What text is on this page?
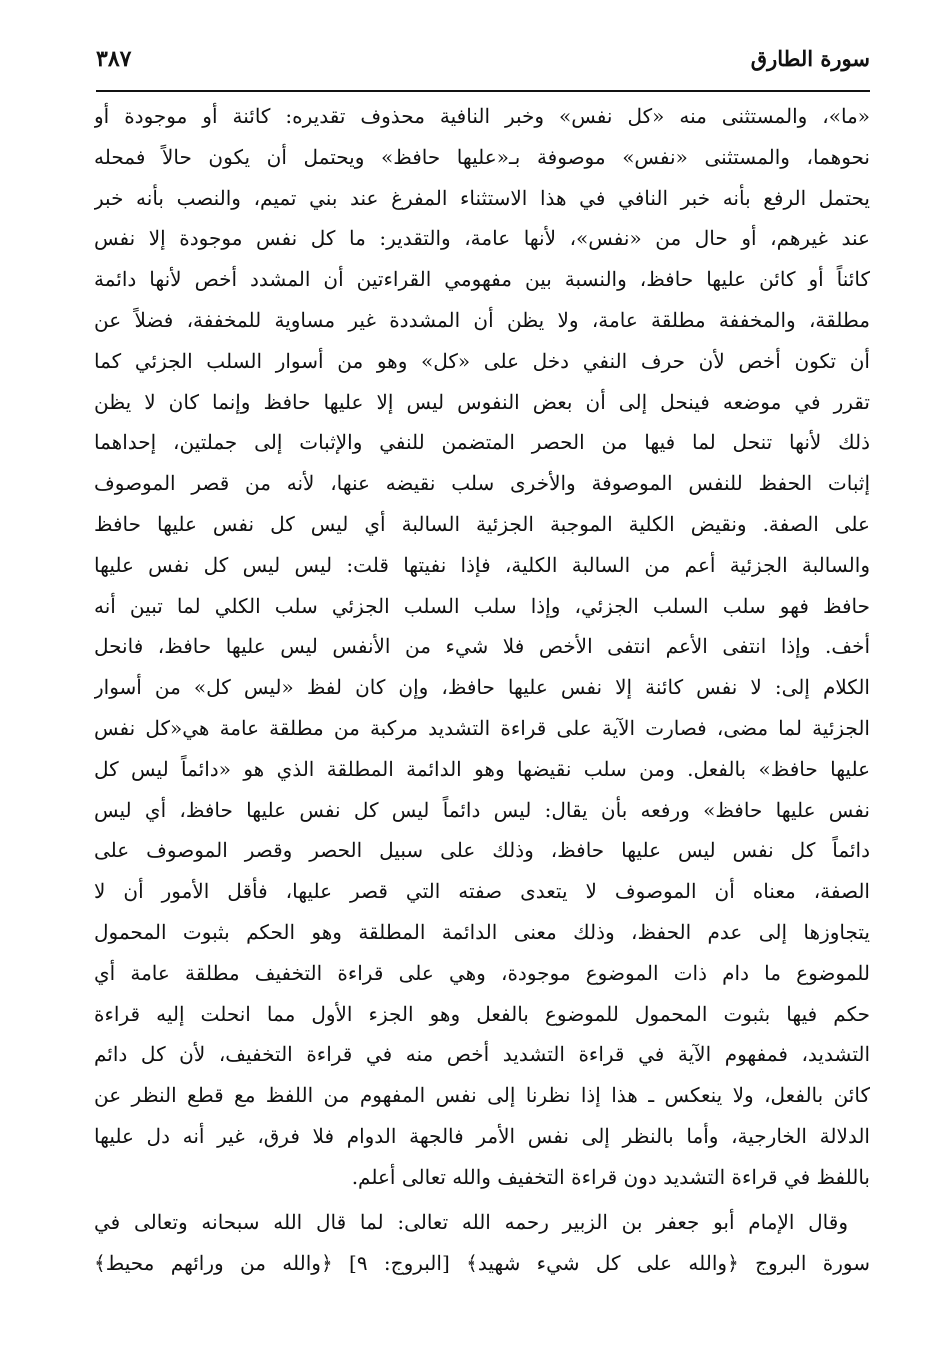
سورة الطارق
٣٨٧
«ما»، والمستثنى منه «كل نفس» وخبر النافية محذوف تقديره: كائنة أو موجودة أو
نحوهما، والمستثنى «نفس» موصوفة بـ«عليها حافظ» ويحتمل أن يكون حالاً فمحله
يحتمل الرفع بأنه خبر النافي في هذا الاستثناء المفرغ عند بني تميم، والنصب بأنه خبر
عند غيرهم، أو حال من «نفس»، لأنها عامة، والتقدير: ما كل نفس موجودة إلا نفس
كائناً أو كائن عليها حافظ، والنسبة بين مفهومي القراءتين أن المشدد أخص لأنها دائمة
مطلقة، والمخففة مطلقة عامة، ولا يظن أن المشددة غير مساوية للمخففة، فضلاً عن
أن تكون أخص لأن حرف النفي دخل على «كل» وهو من أسوار السلب الجزئي كما
تقرر في موضعه فينحل إلى أن بعض النفوس ليس إلا عليها حافظ وإنما كان لا يظن
ذلك لأنها تنحل لما فيها من الحصر المتضمن للنفي والإثبات إلى جملتين، إحداهما
إثبات الحفظ للنفس الموصوفة والأخرى سلب نقيضه عنها، لأنه من قصر الموصوف
على الصفة. ونقيض الكلية الموجبة الجزئية السالبة أي ليس كل نفس عليها حافظ
والسالبة الجزئية أعم من السالبة الكلية، فإذا نفيتها قلت: ليس ليس كل نفس عليها
حافظ فهو سلب السلب الجزئي، وإذا سلب السلب الجزئي سلب الكلي لما تبين أنه
أخف. وإذا انتفى الأعم انتفى الأخص فلا شيء من الأنفس ليس عليها حافظ، فانحل
الكلام إلى: لا نفس كائنة إلا نفس عليها حافظ، وإن كان لفظ «ليس كل» من أسوار
الجزئية لما مضى، فصارت الآية على قراءة التشديد مركبة من مطلقة عامة هي«كل نفس
عليها حافظ» بالفعل. ومن سلب نقيضها وهو الدائمة المطلقة الذي هو «دائماً ليس كل
نفس عليها حافظ» ورفعه بأن يقال: ليس دائماً ليس كل نفس عليها حافظ، أي ليس
دائماً كل نفس ليس عليها حافظ، وذلك على سبيل الحصر وقصر الموصوف على
الصفة، معناه أن الموصوف لا يتعدى صفته التي قصر عليها، فأقل الأمور أن لا
يتجاوزها إلى عدم الحفظ، وذلك معنى الدائمة المطلقة وهو الحكم بثبوت المحمول
للموضوع ما دام ذات الموضوع موجودة، وهي على قراءة التخفيف مطلقة عامة أي
حكم فيها بثبوت المحمول للموضوع بالفعل وهو الجزء الأول مما انحلت إليه قراءة
التشديد، فمفهوم الآية في قراءة التشديد أخص منه في قراءة التخفيف، لأن كل دائم
كائن بالفعل، ولا ينعكس ـ هذا إذا نظرنا إلى نفس المفهوم من اللفظ مع قطع النظر عن
الدلالة الخارجية، وأما بالنظر إلى نفس الأمر فالجهة الدوام فلا فرق، غير أنه دل عليها
باللفظ في قراءة التشديد دون قراءة التخفيف والله تعالى أعلم.
وقال الإمام أبو جعفر بن الزبير رحمه الله تعالى: لما قال الله سبحانه وتعالى في
سورة البروج ﴿والله على كل شيء شهيد﴾ [البروج: ٩] ﴿والله من ورائهم محيط﴾
